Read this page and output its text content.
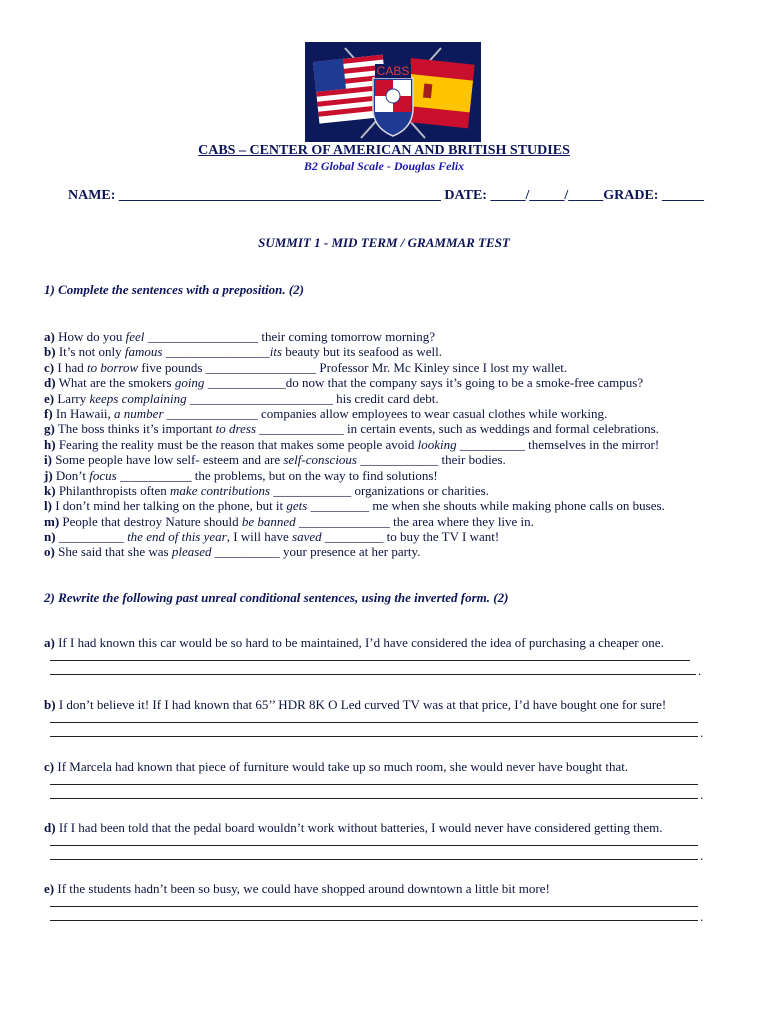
CABS
CABS – CENTER OF AMERICAN AND BRITISH STUDIES
B2 Global Scale - Douglas Felix
NAME: ______________________________________________ DATE: _____/_____/_____GRADE: ______
SUMMIT 1 - MID TERM / GRAMMAR TEST
1) Complete the sentences with a preposition. (2)
a) How do you feel _________________ their coming tomorrow morning?
b) It’s not only famous ________________its beauty but its seafood as well.
c) I had to borrow five pounds _________________ Professor Mr. Mc Kinley since I lost my wallet.
d) What are the smokers going ____________do now that the company says it’s going to be a smoke-free campus?
e) Larry keeps complaining ______________________ his credit card debt.
f) In Hawaii, a number ______________ companies allow employees to wear casual clothes while working.
g) The boss thinks it’s important to dress _____________ in certain events, such as weddings and formal celebrations.
h) Fearing the reality must be the reason that makes some people avoid looking __________ themselves in the mirror!
i) Some people have low self- esteem and are self-conscious ____________ their bodies.
j) Don’t focus ___________ the problems, but on the way to find solutions!
k) Philanthropists often make contributions ____________ organizations or charities.
l) I don’t mind her talking on the phone, but it gets _________ me when she shouts while making phone calls on buses.
m) People that destroy Nature should be banned ______________ the area where they live in.
n) __________ the end of this year, I will have saved _________ to buy the TV I want!
o) She said that she was pleased __________ your presence at her party.
2) Rewrite the following past unreal conditional sentences, using the inverted form. (2)
a) If I had known this car would be so hard to be maintained, I’d have considered the idea of purchasing a cheaper one.
.
b) I don’t believe it! If I had known that 65’’ HDR 8K O Led curved TV was at that price, I’d have bought one for sure!
.
c) If Marcela had known that piece of furniture would take up so much room, she would never have bought that.
.
d) If I had been told that the pedal board wouldn’t work without batteries, I would never have considered getting them.
.
e) If the students hadn’t been so busy, we could have shopped around downtown a little bit more!
.
